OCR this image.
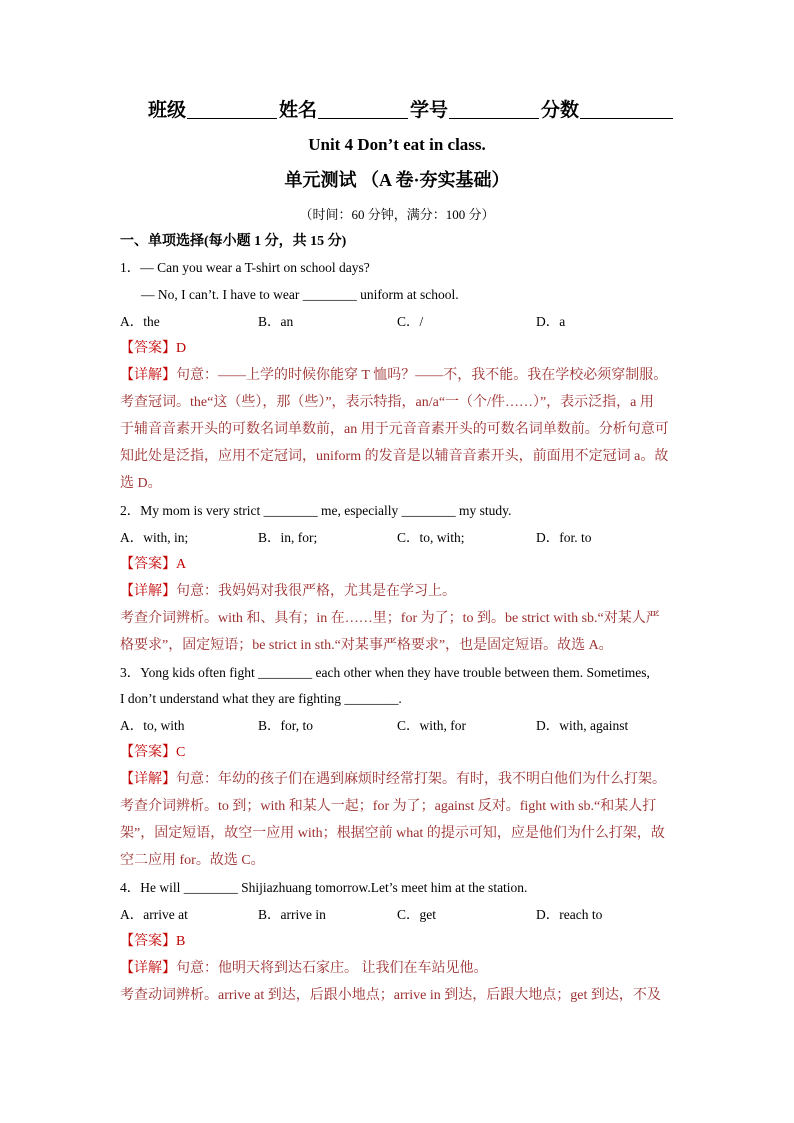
班级	姓名	学号	分数
Unit 4 Don’t eat in class.
单元测试 （A 卷·夯实基础）
（时间：60 分钟，满分：100 分）
一、单项选择(每小题 1 分，共 15 分)
1．— Can you wear a T-shirt on school days?
— No, I can’t. I have to wear ________ uniform at school.
A．the	B．an	C．/	D．a
【答案】D
【详解】句意：——上学的时候你能穿 T 恤吗？——不，我不能。我在学校必须穿制服。
考查冠词。the“这（些），那（些）”，表示特指，an/a“一（个/件……）”，表示泛指，a 用
于辅音音素开头的可数名词单数前，an 用于元音音素开头的可数名词单数前。分析句意可
知此处是泛指，应用不定冠词，uniform 的发音是以辅音音素开头，前面用不定冠词 a。故
选 D。
2．My mom is very strict ________ me, especially ________ my study.
A．with, in;	B．in, for;	C．to, with;	D．for. to
【答案】A
【详解】句意：我妈妈对我很严格，尤其是在学习上。
考查介词辨析。with 和、具有；in 在……里；for 为了；to 到。be strict with sb.“对某人严
格要求”，固定短语；be strict in sth.“对某事严格要求”，也是固定短语。故选 A。
3．Yong kids often fight ________ each other when they have trouble between them. Sometimes,
I don’t understand what they are fighting ________.
A．to, with	B．for, to	C．with, for	D．with, against
【答案】C
【详解】句意：年幼的孩子们在遇到麻烦时经常打架。有时，我不明白他们为什么打架。
考查介词辨析。to 到；with 和某人一起；for 为了；against 反对。fight with sb.“和某人打
架”，固定短语，故空一应用 with；根据空前 what 的提示可知，应是他们为什么打架，故
空二应用 for。故选 C。
4．He will ________ Shijiazhuang tomorrow.Let’s meet him at the station.
A．arrive at	B．arrive in	C．get	D．reach to
【答案】B
【详解】句意：他明天将到达石家庄。 让我们在车站见他。
考查动词辨析。arrive at 到达，后跟小地点；arrive in 到达，后跟大地点；get 到达，不及
